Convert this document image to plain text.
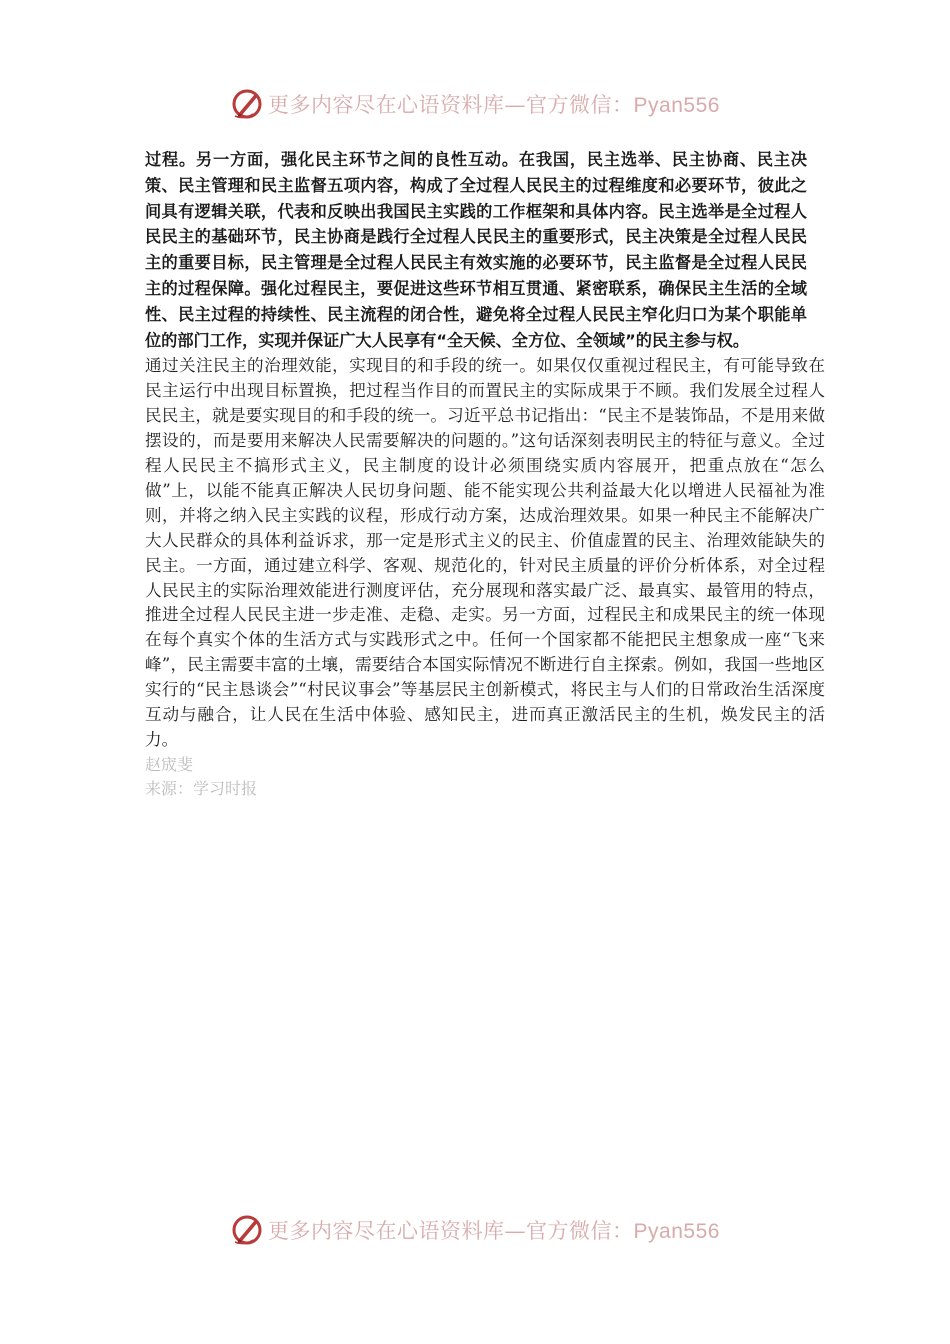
更多内容尽在心语资料库—官方微信：Pyan556

过程。另一方面，强化民主环节之间的良性互动。在我国，民主选举、民主协商、民主决策、民主管理和民主监督五项内容，构成了全过程人民民主的过程维度和必要环节，彼此之间具有逻辑关联，代表和反映出我国民主实践的工作框架和具体内容。民主选举是全过程人民民主的基础环节，民主协商是践行全过程人民民主的重要形式，民主决策是全过程人民民主的重要目标，民主管理是全过程人民民主有效实施的必要环节，民主监督是全过程人民民主的过程保障。强化过程民主，要促进这些环节相互贯通、紧密联系，确保民主生活的全域性、民主过程的持续性、民主流程的闭合性，避免将全过程人民民主窄化归口为某个职能单位的部门工作，实现并保证广大人民享有“全天候、全方位、全领域”的民主参与权。

通过关注民主的治理效能，实现目的和手段的统一。如果仅仅重视过程民主，有可能导致在民主运行中出现目标置换，把过程当作目的而置民主的实际成果于不顾。我们发展全过程人民民主，就是要实现目的和手段的统一。习近平总书记指出：“民主不是装饰品，不是用来做摆设的，而是要用来解决人民需要解决的问题的。”这句话深刻表明民主的特征与意义。全过程人民民主不搞形式主义，民主制度的设计必须围绕实质内容展开，把重点放在“怎么做”上，以能不能真正解决人民切身问题、能不能实现公共利益最大化以增进人民福祉为准则，并将之纳入民主实践的议程，形成行动方案，达成治理效果。如果一种民主不能解决广大人民群众的具体利益诉求，那一定是形式主义的民主、价值虚置的民主、治理效能缺失的民主。一方面，通过建立科学、客观、规范化的，针对民主质量的评价分析体系，对全过程人民民主的实际治理效能进行测度评估，充分展现和落实最广泛、最真实、最管用的特点，推进全过程人民民主进一步走准、走稳、走实。另一方面，过程民主和成果民主的统一体现在每个真实个体的生活方式与实践形式之中。任何一个国家都不能把民主想象成一座“飞来峰”，民主需要丰富的土壤，需要结合本国实际情况不断进行自主探索。例如，我国一些地区实行的“民主恳谈会”“村民议事会”等基层民主创新模式，将民主与人们的日常政治生活深度互动与融合，让人民在生活中体验、感知民主，进而真正激活民主的生机，焕发民主的活力。

赵宬斐

来源：学习时报

更多内容尽在心语资料库—官方微信：Pyan556
